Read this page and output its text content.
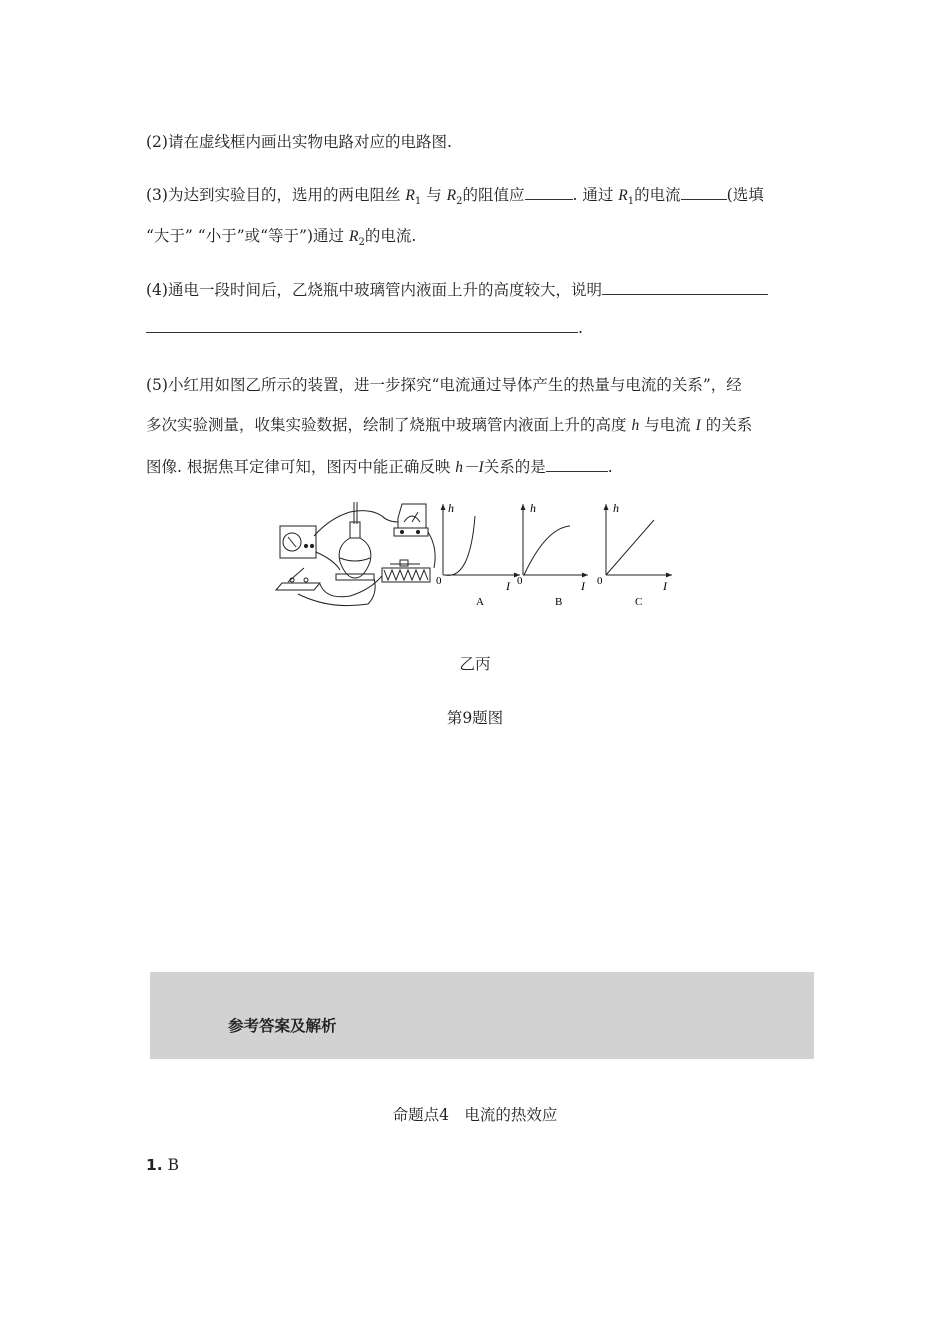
(2)请在虚线框内画出实物电路对应的电路图.
(3)为达到实验目的，选用的两电阻丝 $R_1$ 与 $R_2$的阻值应	. 通过 $R_1$的电流	(选填
“大于” “小于”或“等于”)通过 $R_2$的电流.
(4)通电一段时间后，乙烧瓶中玻璃管内液面上升的高度较大，说明
.
(5)小红用如图乙所示的装置，进一步探究“电流通过导体产生的热量与电流的关系”，经
多次实验测量，收集实验数据，绘制了烧瓶中玻璃管内液面上升的高度 h 与电流 I 的关系
图像. 根据焦耳定律可知，图丙中能正确反映 h－I关系的是	.
h
I
0
A
h
I
0
B
h
I
0
C
乙丙
第9题图
参考答案及解析
命题点4　电流的热效应
1. B
